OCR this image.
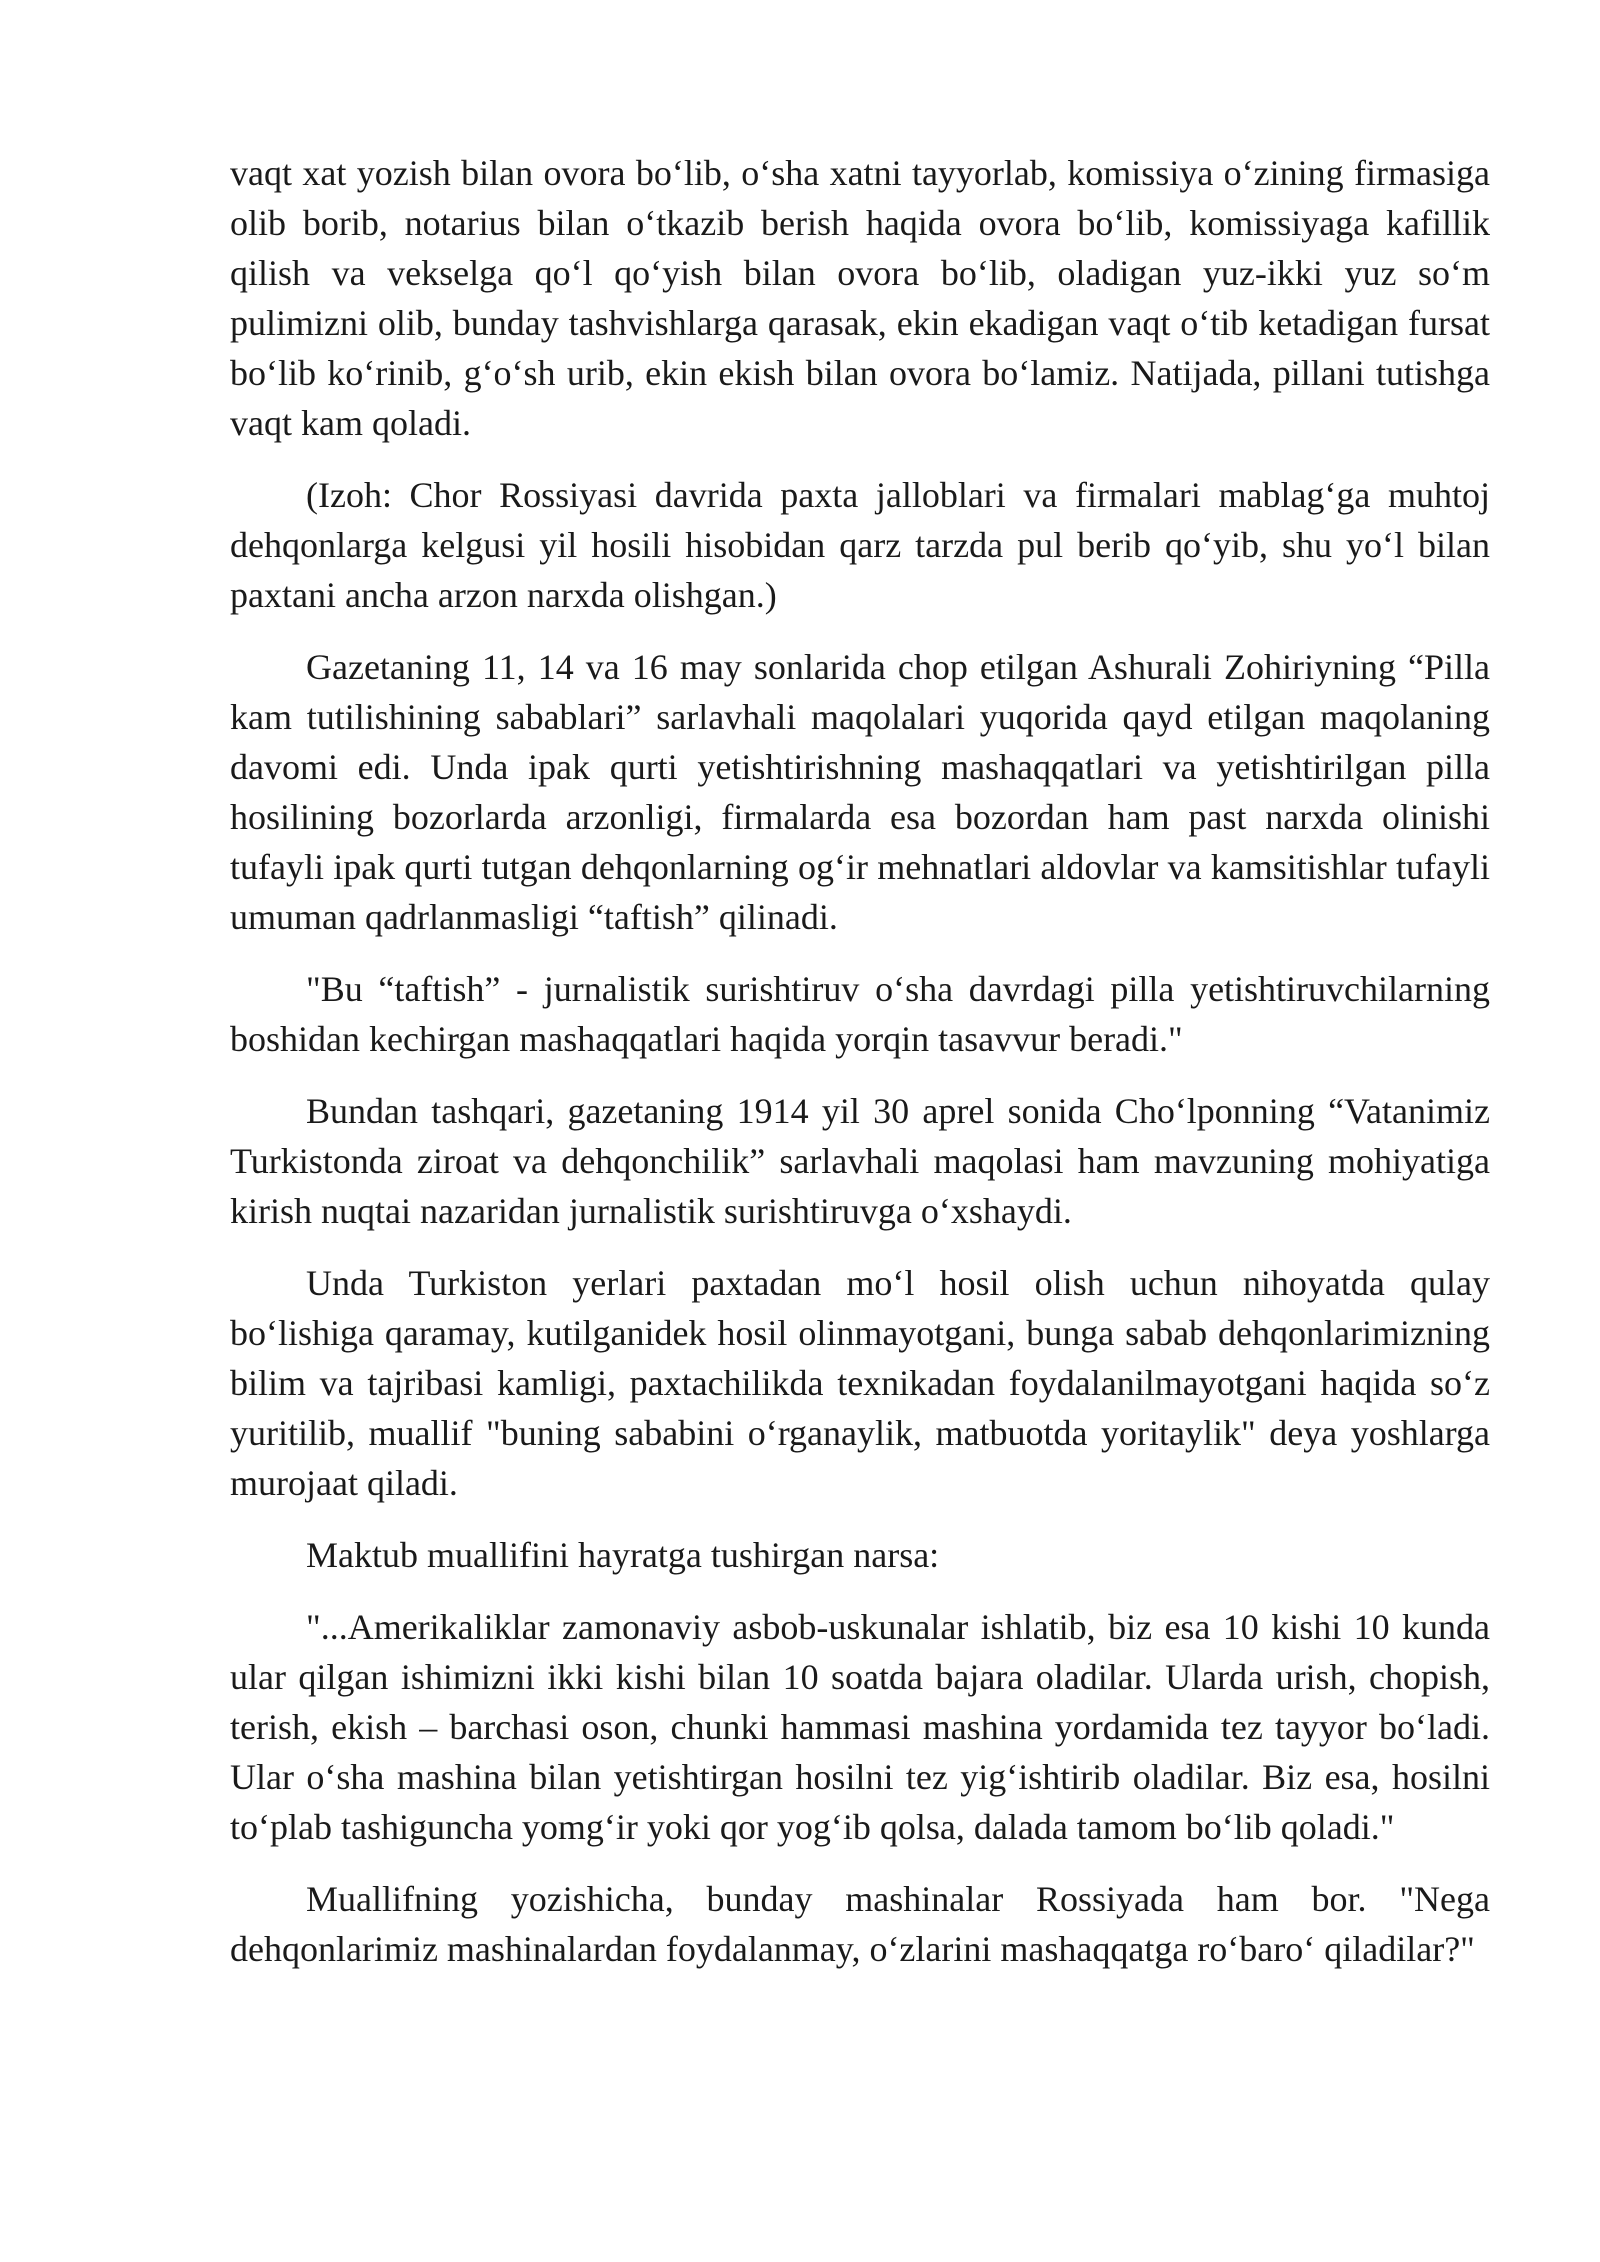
vaqt xat yozish bilan ovora boʻlib, oʻsha xatni tayyorlab, komissiya oʻzining firmasiga olib borib, notarius bilan oʻtkazib berish haqida ovora boʻlib, komissiyaga kafillik qilish va vekselga qoʻl qoʻyish bilan ovora boʻlib, oladigan yuz-ikki yuz soʻm pulimizni olib, bunday tashvishlarga qarasak, ekin ekadigan vaqt oʻtib ketadigan fursat boʻlib koʻrinib, gʻoʻsh urib, ekin ekish bilan ovora boʻlamiz. Natijada, pillani tutishga vaqt kam qoladi.

(Izoh: Chor Rossiyasi davrida paxta jalloblari va firmalari mablagʻga muhtoj dehqonlarga kelgusi yil hosili hisobidan qarz tarzda pul berib qoʻyib, shu yoʻl bilan paxtani ancha arzon narxda olishgan.)

Gazetaning 11, 14 va 16 may sonlarida chop etilgan Ashurali Zohiriyning “Pilla kam tutilishining sabablari” sarlavhali maqolalari yuqorida qayd etilgan maqolaning davomi edi. Unda ipak qurti yetishtirishning mashaqqatlari va yetishtirilgan pilla hosilining bozorlarda arzonligi, firmalarda esa bozordan ham past narxda olinishi tufayli ipak qurti tutgan dehqonlarning ogʻir mehnatlari aldovlar va kamsitishlar tufayli umuman qadrlanmasligi “taftish” qilinadi.

"Bu “taftish” - jurnalistik surishtiruv oʻsha davrdagi pilla yetishtiruvchilarning boshidan kechirgan mashaqqatlari haqida yorqin tasavvur beradi."

Bundan tashqari, gazetaning 1914 yil 30 aprel sonida Choʻlponning “Vatanimiz Turkistonda ziroat va dehqonchilik” sarlavhali maqolasi ham mavzuning mohiyatiga kirish nuqtai nazaridan jurnalistik surishtiruvga oʻxshaydi.

Unda Turkiston yerlari paxtadan moʻl hosil olish uchun nihoyatda qulay boʻlishiga qaramay, kutilganidek hosil olinmayotgani, bunga sabab dehqonlarimizning bilim va tajribasi kamligi, paxtachilikda texnikadan foydalanilmayotgani haqida soʻz yuritilib, muallif "buning sababini oʻrganaylik, matbuotda yoritaylik" deya yoshlarga murojaat qiladi.

Maktub muallifini hayratga tushirgan narsa:

"...Amerikaliklar zamonaviy asbob-uskunalar ishlatib, biz esa 10 kishi 10 kunda ular qilgan ishimizni ikki kishi bilan 10 soatda bajara oladilar. Ularda urish, chopish, terish, ekish – barchasi oson, chunki hammasi mashina yordamida tez tayyor boʻladi. Ular oʻsha mashina bilan yetishtirgan hosilni tez yigʻishtirib oladilar. Biz esa, hosilni toʻplab tashiguncha yomgʻir yoki qor yogʻib qolsa, dalada tamom boʻlib qoladi."

Muallifning yozishicha, bunday mashinalar Rossiyada ham bor. "Nega dehqonlarimiz mashinalardan foydalanmay, oʻzlarini mashaqqatga roʻbaroʻ qiladilar?"
